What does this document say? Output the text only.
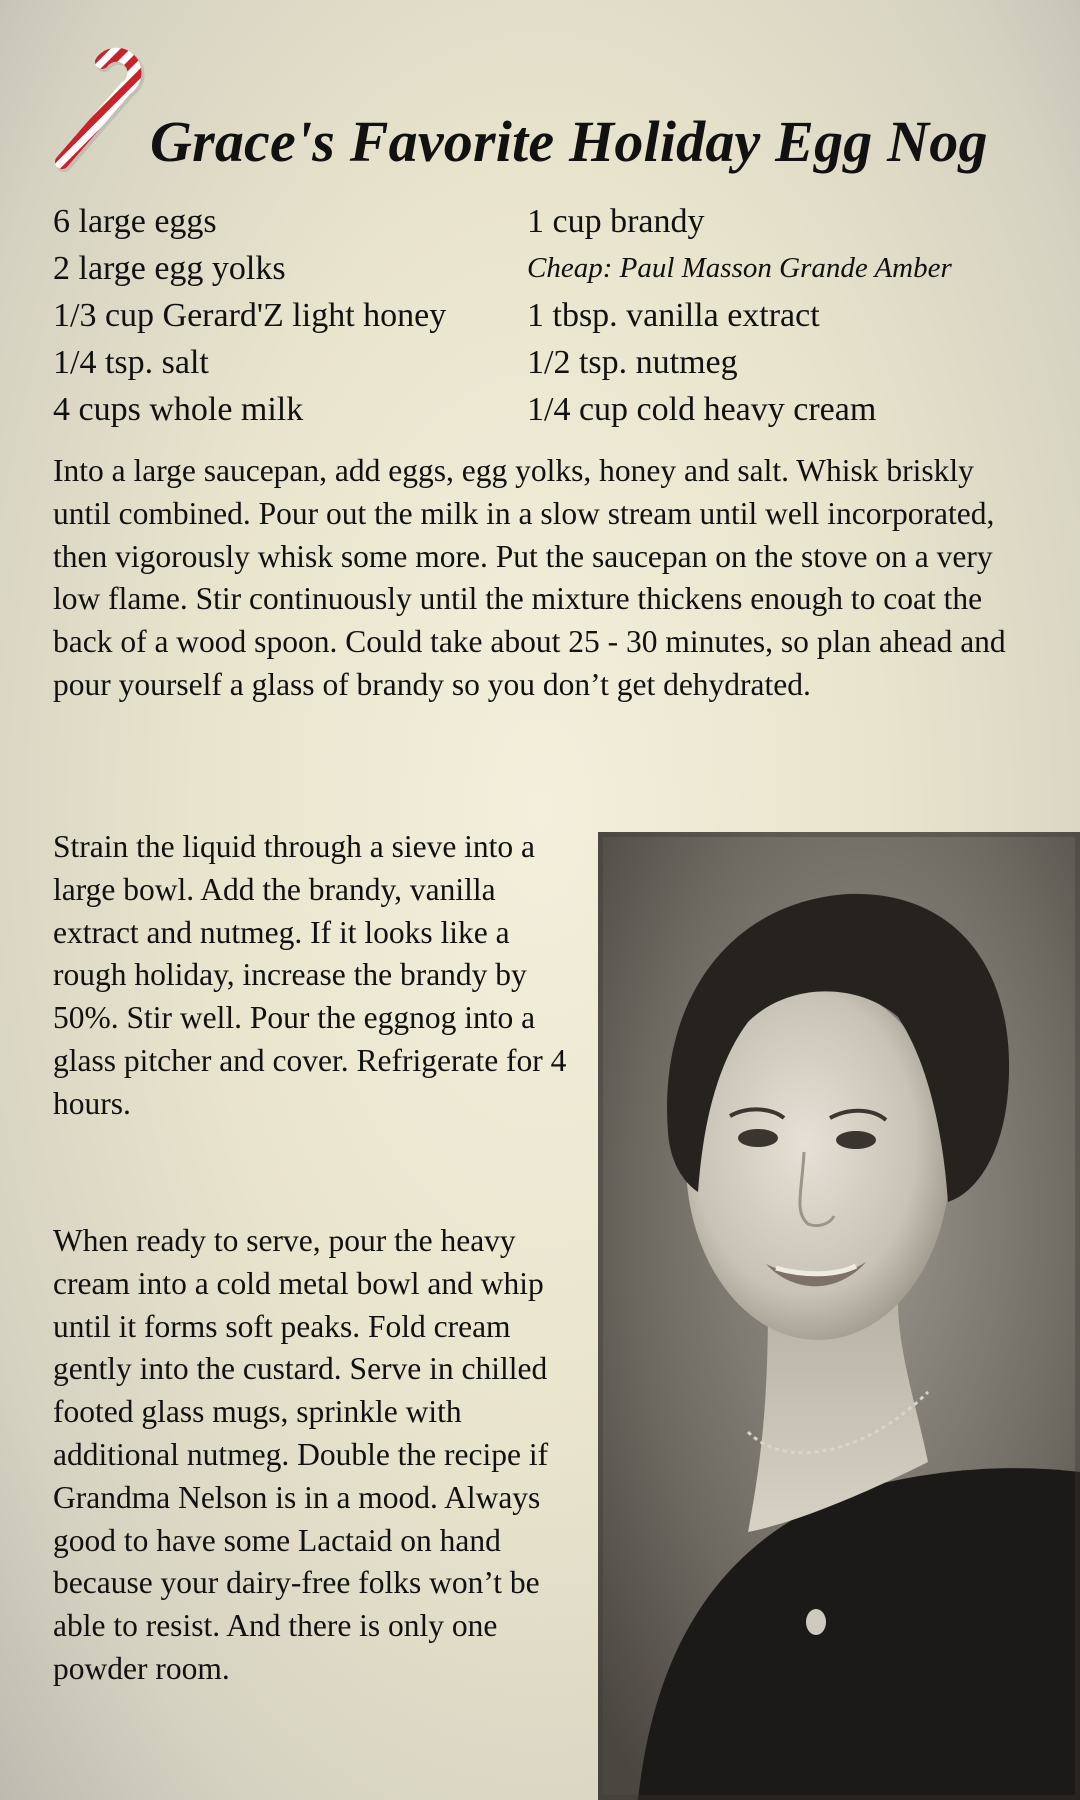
Grace's Favorite Holiday Egg Nog
6 large eggs
2 large egg yolks
1/3 cup Gerard'Z light honey
1/4 tsp. salt
4 cups whole milk
1 cup brandy
Cheap: Paul Masson Grande Amber
1 tbsp. vanilla extract
1/2 tsp. nutmeg
1/4 cup cold heavy cream

Into a large saucepan, add eggs, egg yolks, honey and salt. Whisk briskly until combined. Pour out the milk in a slow stream until well incorporated, then vigorously whisk some more. Put the saucepan on the stove on a very low flame. Stir continuously until the mixture thickens enough to coat the back of a wood spoon. Could take about 25 - 30 minutes, so plan ahead and pour yourself a glass of brandy so you don’t get dehydrated.

Strain the liquid through a sieve into a large bowl. Add the brandy, vanilla extract and nutmeg. If it looks like a rough holiday, increase the brandy by 50%. Stir well. Pour the eggnog into a glass pitcher and cover. Refrigerate for 4 hours.

When ready to serve, pour the heavy cream into a cold metal bowl and whip until it forms soft peaks. Fold cream gently into the custard. Serve in chilled footed glass mugs, sprinkle with additional nutmeg. Double the recipe if Grandma Nelson is in a mood. Always good to have some Lactaid on hand because your dairy-free folks won’t be able to resist. And there is only one powder room.
